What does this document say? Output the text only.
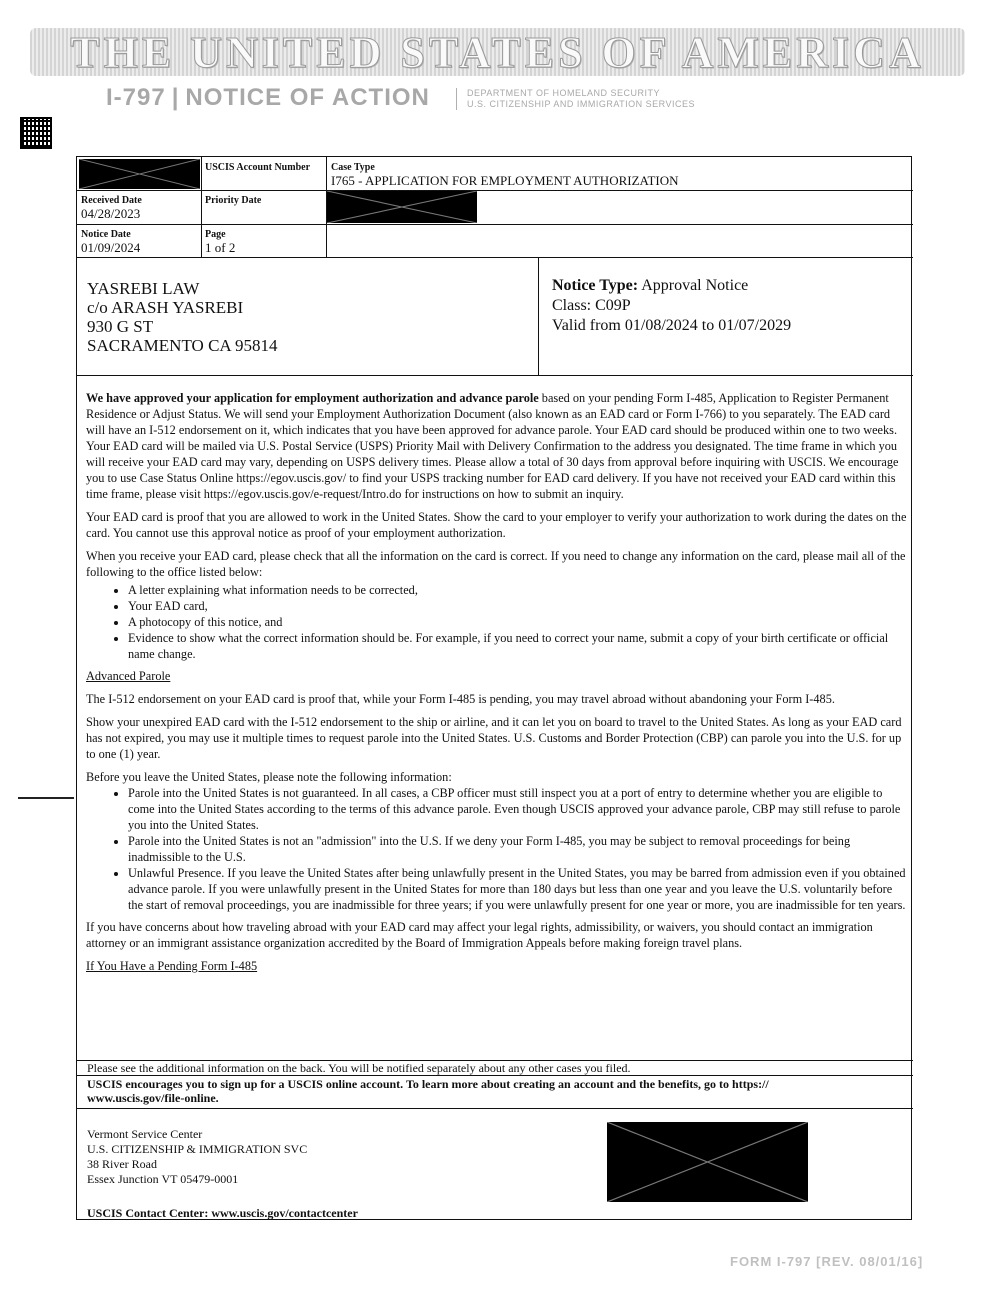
THE UNITED STATES OF AMERICA
I-797 | NOTICE OF ACTION	DEPARTMENT OF HOMELAND SECURITY
U.S. CITIZENSHIP AND IMMIGRATION SERVICES
USCIS Account Number Case Type
I765 - APPLICATION FOR EMPLOYMENT AUTHORIZATION
Received Date
04/28/2023
Priority Date
Notice Date
01/09/2024
Page
1 of 2
YASREBI LAW
c/o ARASH YASREBI
930 G ST
SACRAMENTO CA 95814
Notice Type: Approval Notice
Class: C09P
Valid from 01/08/2024 to 01/07/2029
Please see the additional information on the back. You will be notified separately about any other cases you filed.
USCIS encourages you to sign up for a USCIS online account. To learn more about creating an account and the benefits, go to https://
www.uscis.gov/file-online.
Vermont Service Center
U.S. CITIZENSHIP & IMMIGRATION SVC
38 River Road
Essex Junction VT 05479-0001
USCIS Contact Center: www.uscis.gov/contactcenter

We have approved your application for employment authorization and advance parole based on your pending Form I-485, Application to Register Permanent Residence or Adjust Status. We will send your Employment Authorization Document (also known as an EAD card or Form I-766) to you separately. The EAD card will have an I-512 endorsement on it, which indicates that you have been approved for advance parole. Your EAD card should be produced within one to two weeks. Your EAD card will be mailed via U.S. Postal Service (USPS) Priority Mail with Delivery Confirmation to the address you designated. The time frame in which you will receive your EAD card may vary, depending on USPS delivery times. Please allow a total of 30 days from approval before inquiring with USCIS. We encourage you to use Case Status Online https://egov.uscis.gov/ to find your USPS tracking number for EAD card delivery. If you have not received your EAD card within this time frame, please visit https://egov.uscis.gov/e-request/Intro.do for instructions on how to submit an inquiry.

Your EAD card is proof that you are allowed to work in the United States. Show the card to your employer to verify your authorization to work during the dates on the card. You cannot use this approval notice as proof of your employment authorization.

When you receive your EAD card, please check that all the information on the card is correct. If you need to change any information on the card, please mail all of the following to the office listed below:

• A letter explaining what information needs to be corrected,
• Your EAD card,
• A photocopy of this notice, and
• Evidence to show what the correct information should be. For example, if you need to correct your name, submit a copy of your birth certificate or official name change.

Advanced Parole

The I-512 endorsement on your EAD card is proof that, while your Form I-485 is pending, you may travel abroad without abandoning your Form I-485.

Show your unexpired EAD card with the I-512 endorsement to the ship or airline, and it can let you on board to travel to the United States. As long as your EAD card has not expired, you may use it multiple times to request parole into the United States. U.S. Customs and Border Protection (CBP) can parole you into the U.S. for up to one (1) year.

Before you leave the United States, please note the following information:

• Parole into the United States is not guaranteed. In all cases, a CBP officer must still inspect you at a port of entry to determine whether you are eligible to come into the United States according to the terms of this advance parole. Even though USCIS approved your advance parole, CBP may still refuse to parole you into the United States.
• Parole into the United States is not an "admission" into the U.S. If we deny your Form I-485, you may be subject to removal proceedings for being inadmissible to the U.S.
• Unlawful Presence. If you leave the United States after being unlawfully present in the United States, you may be barred from admission even if you obtained advance parole. If you were unlawfully present in the United States for more than 180 days but less than one year and you leave the U.S. voluntarily before the start of removal proceedings, you are inadmissible for three years; if you were unlawfully present for one year or more, you are inadmissible for ten years.

If you have concerns about how traveling abroad with your EAD card may affect your legal rights, admissibility, or waivers, you should contact an immigration attorney or an immigrant assistance organization accredited by the Board of Immigration Appeals before making foreign travel plans.

If You Have a Pending Form I-485

FORM I-797 [REV. 08/01/16]
